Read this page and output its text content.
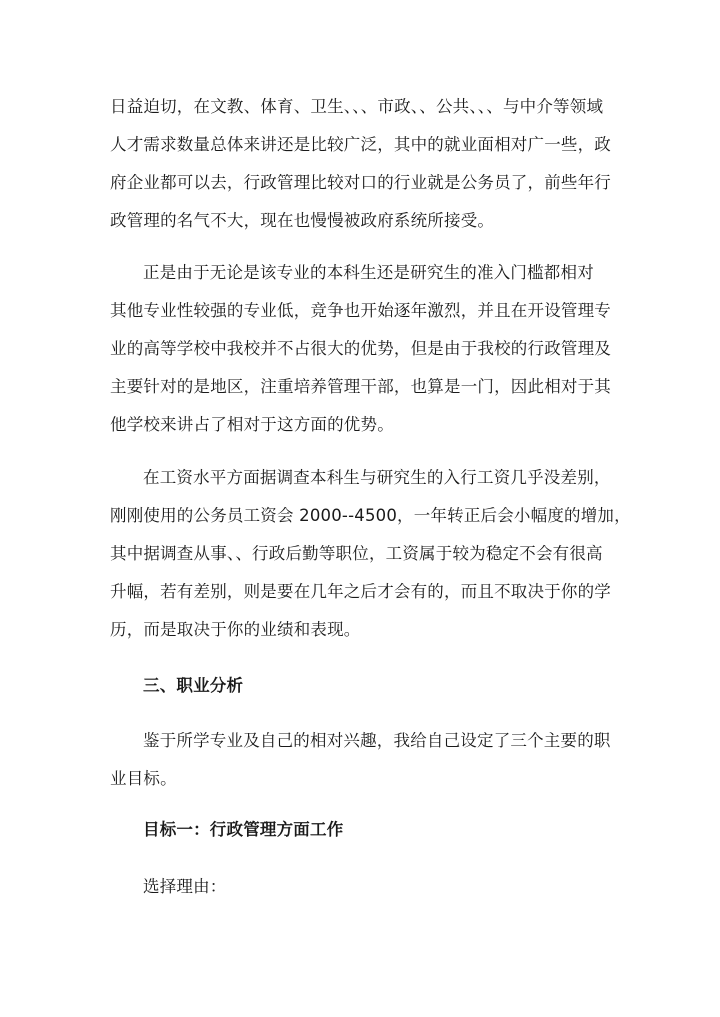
日益迫切，在文教、体育、卫生、、、市政、、公共、、、与中介等领域
人才需求数量总体来讲还是比较广泛，其中的就业面相对广一些，政
府企业都可以去，行政管理比较对口的行业就是公务员了，前些年行
政管理的名气不大，现在也慢慢被政府系统所接受。
正是由于无论是该专业的本科生还是研究生的准入门槛都相对
其他专业性较强的专业低，竞争也开始逐年激烈，并且在开设管理专
业的高等学校中我校并不占很大的优势，但是由于我校的行政管理及
主要针对的是地区，注重培养管理干部，也算是一门，因此相对于其
他学校来讲占了相对于这方面的优势。
在工资水平方面据调查本科生与研究生的入行工资几乎没差别，
刚刚使用的公务员工资会 2000--4500，一年转正后会小幅度的增加，
其中据调查从事、、行政后勤等职位，工资属于较为稳定不会有很高
升幅，若有差别，则是要在几年之后才会有的，而且不取决于你的学
历，而是取决于你的业绩和表现。
三、职业分析
鉴于所学专业及自己的相对兴趣，我给自己设定了三个主要的职
业目标。
目标一：行政管理方面工作
选择理由：
